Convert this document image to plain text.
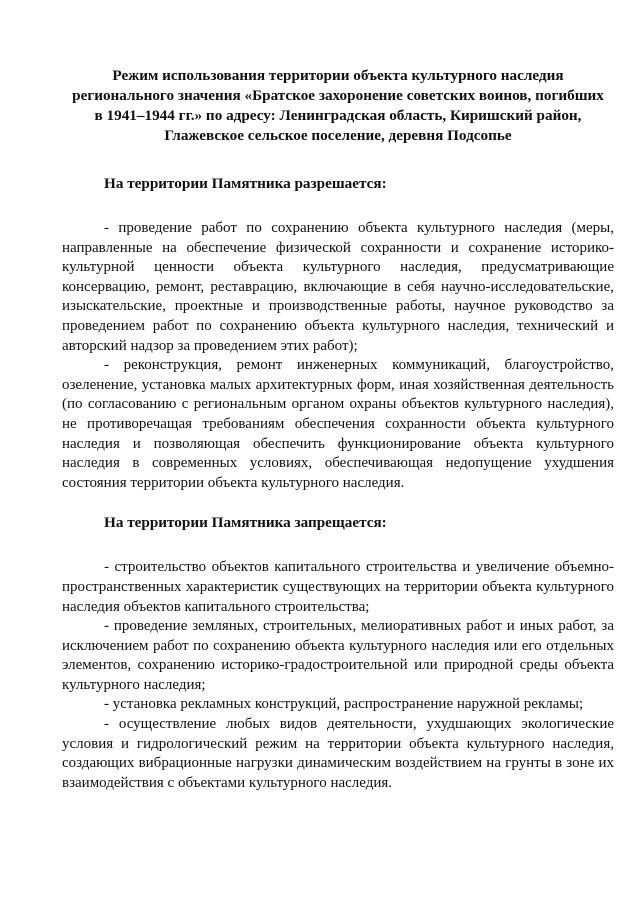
Режим использования территории объекта культурного наследия регионального значения «Братское захоронение советских воинов, погибших в 1941–1944 гг.» по адресу: Ленинградская область, Киришский район, Глажевское сельское поселение, деревня Подсопье
На территории Памятника разрешается:

- проведение работ по сохранению объекта культурного наследия (меры, направленные на обеспечение физической сохранности и сохранение историко-культурной ценности объекта культурного наследия, предусматривающие консервацию, ремонт, реставрацию, включающие в себя научно-исследовательские, изыскательские, проектные и производственные работы, научное руководство за проведением работ по сохранению объекта культурного наследия, технический и авторский надзор за проведением этих работ);

- реконструкция, ремонт инженерных коммуникаций, благоустройство, озеленение, установка малых архитектурных форм, иная хозяйственная деятельность (по согласованию с региональным органом охраны объектов культурного наследия), не противоречащая требованиям обеспечения сохранности объекта культурного наследия и позволяющая обеспечить функционирование объекта культурного наследия в современных условиях, обеспечивающая недопущение ухудшения состояния территории объекта культурного наследия.

На территории Памятника запрещается:

- строительство объектов капитального строительства и увеличение объемно-пространственных характеристик существующих на территории объекта культурного наследия объектов капитального строительства;

- проведение земляных, строительных, мелиоративных работ и иных работ, за исключением работ по сохранению объекта культурного наследия или его отдельных элементов, сохранению историко-градостроительной или природной среды объекта культурного наследия;

- установка рекламных конструкций, распространение наружной рекламы;

- осуществление любых видов деятельности, ухудшающих экологические условия и гидрологический режим на территории объекта культурного наследия, создающих вибрационные нагрузки динамическим воздействием на грунты в зоне их взаимодействия с объектами культурного наследия.
